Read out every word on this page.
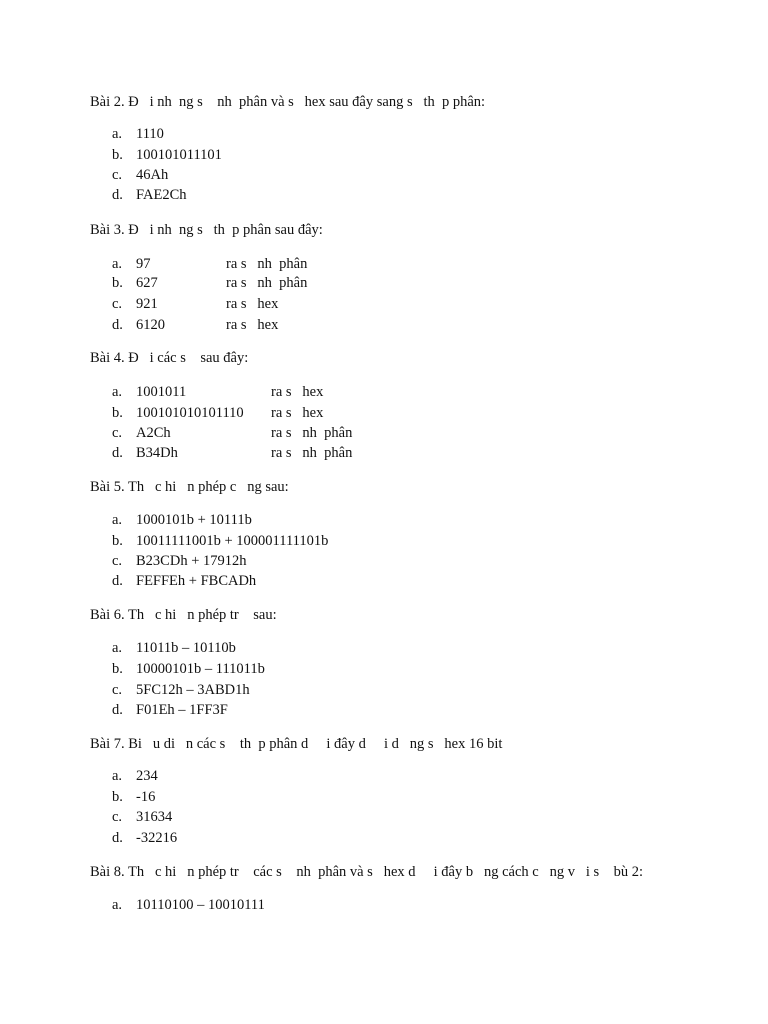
Bài 2. Đ   i nh  ng s    nh  phân và s   hex sau đây sang s   th  p phân:
a. 1110
b. 100101011101
c. 46Ah
d. FAE2Ch
Bài 3. Đ   i nh  ng s   th  p phân sau đây:
a. 97	ra s   nh  phân
b. 627	ra s   nh  phân
c. 921	ra s   hex
d. 6120	ra s   hex
Bài 4. Đ   i các s    sau đây:
a. 1001011	ra s   hex
b. 100101010101110 ra s   hex
c. A2Ch	ra s   nh  phân
d. B34Dh	ra s   nh  phân
Bài 5. Th   c hi   n phép c   ng sau:
a. 1000101b + 10111b
b. 10011111001b + 100001111101b
c. B23CDh + 17912h
d. FEFFEh + FBCADh
Bài 6. Th   c hi   n phép tr    sau:
a. 11011b – 10110b
b. 10000101b – 111011b
c. 5FC12h – 3ABD1h
d. F01Eh – 1FF3F
Bài 7. Bi   u di   n các s    th  p phân d     i đây d     i d   ng s   hex 16 bit
a. 234
b. -16
c. 31634
d. -32216
Bài 8. Th   c hi   n phép tr    các s    nh  phân và s   hex d     i đây b   ng cách c   ng v   i s    bù 2:
a. 10110100 – 10010111
